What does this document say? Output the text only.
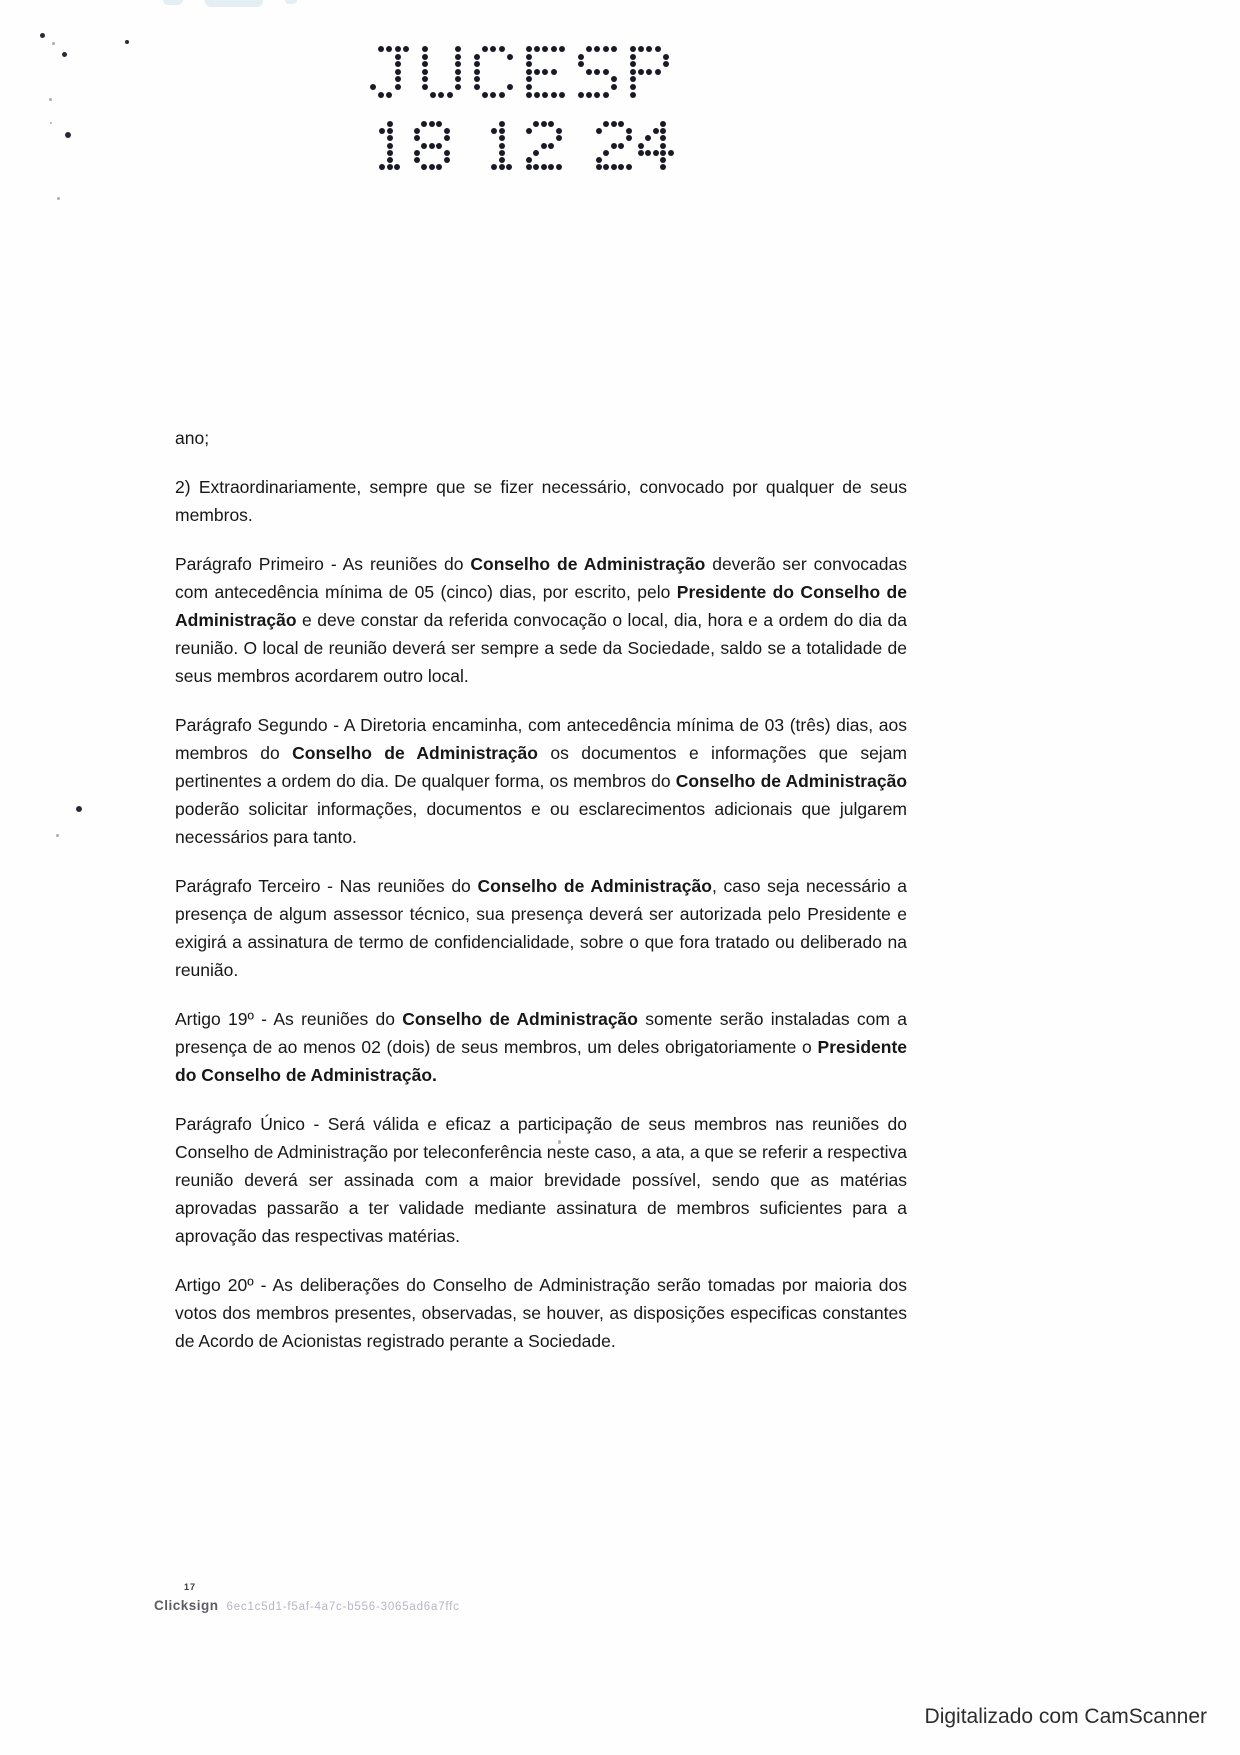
ano;

2) Extraordinariamente, sempre que se fizer necessário, convocado por qualquer de seus membros.

Parágrafo Primeiro - As reuniões do Conselho de Administração deverão ser convocadas com antecedência mínima de 05 (cinco) dias, por escrito, pelo Presidente do Conselho de Administração e deve constar da referida convocação o local, dia, hora e a ordem do dia da reunião. O local de reunião deverá ser sempre a sede da Sociedade, saldo se a totalidade de seus membros acordarem outro local.

Parágrafo Segundo - A Diretoria encaminha, com antecedência mínima de 03 (três) dias, aos membros do Conselho de Administração os documentos e informações que sejam pertinentes a ordem do dia. De qualquer forma, os membros do Conselho de Administração poderão solicitar informações, documentos e ou esclarecimentos adicionais que julgarem necessários para tanto.

Parágrafo Terceiro - Nas reuniões do Conselho de Administração, caso seja necessário a presença de algum assessor técnico, sua presença deverá ser autorizada pelo Presidente e exigirá a assinatura de termo de confidencialidade, sobre o que fora tratado ou deliberado na reunião.

Artigo 19º - As reuniões do Conselho de Administração somente serão instaladas com a presença de ao menos 02 (dois) de seus membros, um deles obrigatoriamente o Presidente do Conselho de Administração.

Parágrafo Único - Será válida e eficaz a participação de seus membros nas reuniões do Conselho de Administração por teleconferência neste caso, a ata, a que se referir a respectiva reunião deverá ser assinada com a maior brevidade possível, sendo que as matérias aprovadas passarão a ter validade mediante assinatura de membros suficientes para a aprovação das respectivas matérias.

Artigo 20º - As deliberações do Conselho de Administração serão tomadas por maioria dos votos dos membros presentes, observadas, se houver, as disposições especificas constantes de Acordo de Acionistas registrado perante a Sociedade.

17
Clicksign 6ec1c5d1-f5af-4a7c-b556-3065ad6a7ffc
Digitalizado com CamScanner
